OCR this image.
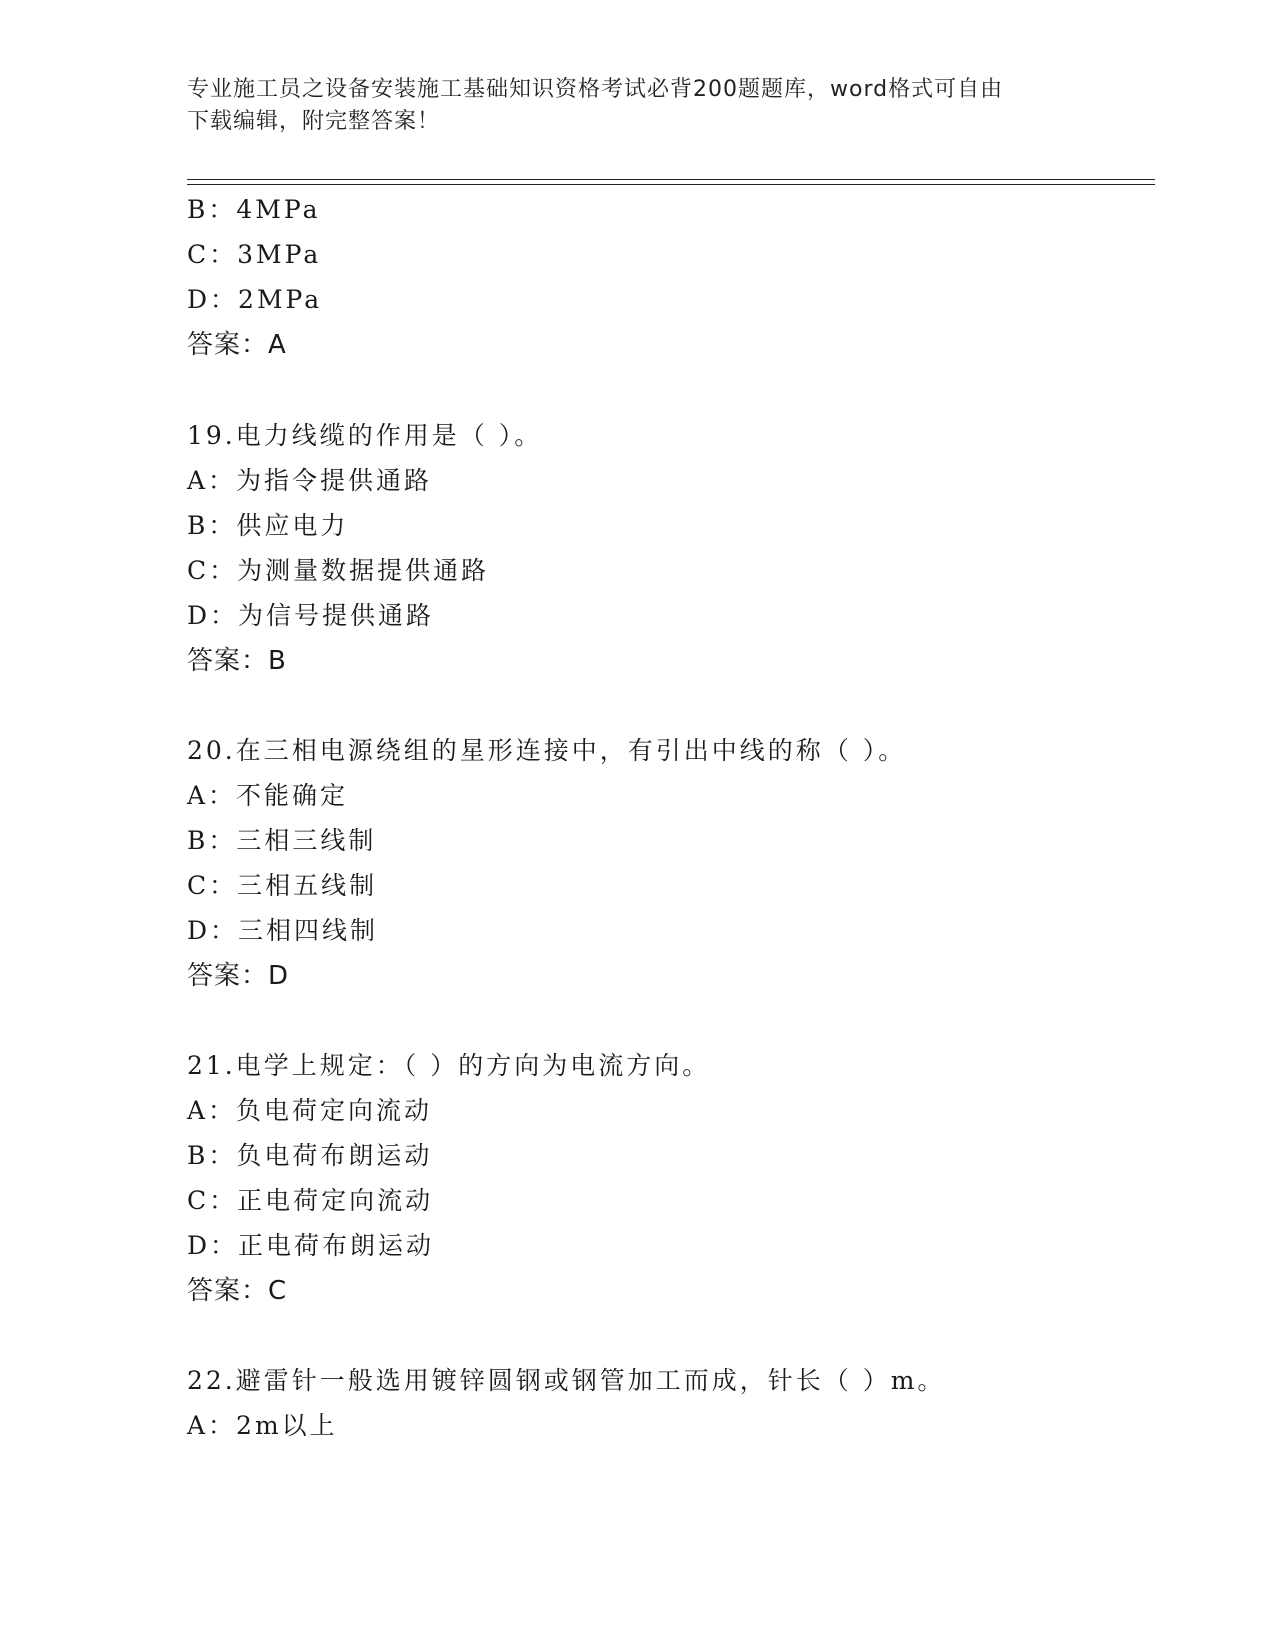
专业施工员之设备安装施工基础知识资格考试必背200题题库，word格式可自由
下载编辑，附完整答案！
B：4MPa
C：3MPa
D：2MPa
答案：A
19.电力线缆的作用是（ ）。
A：为指令提供通路
B：供应电力
C：为测量数据提供通路
D：为信号提供通路
答案：B
20.在三相电源绕组的星形连接中，有引出中线的称（ ）。
A：不能确定
B：三相三线制
C：三相五线制
D：三相四线制
答案：D
21.电学上规定：（ ）的方向为电流方向。
A：负电荷定向流动
B：负电荷布朗运动
C：正电荷定向流动
D：正电荷布朗运动
答案：C
22.避雷针一般选用镀锌圆钢或钢管加工而成，针长（ ）m。
A：2m以上
